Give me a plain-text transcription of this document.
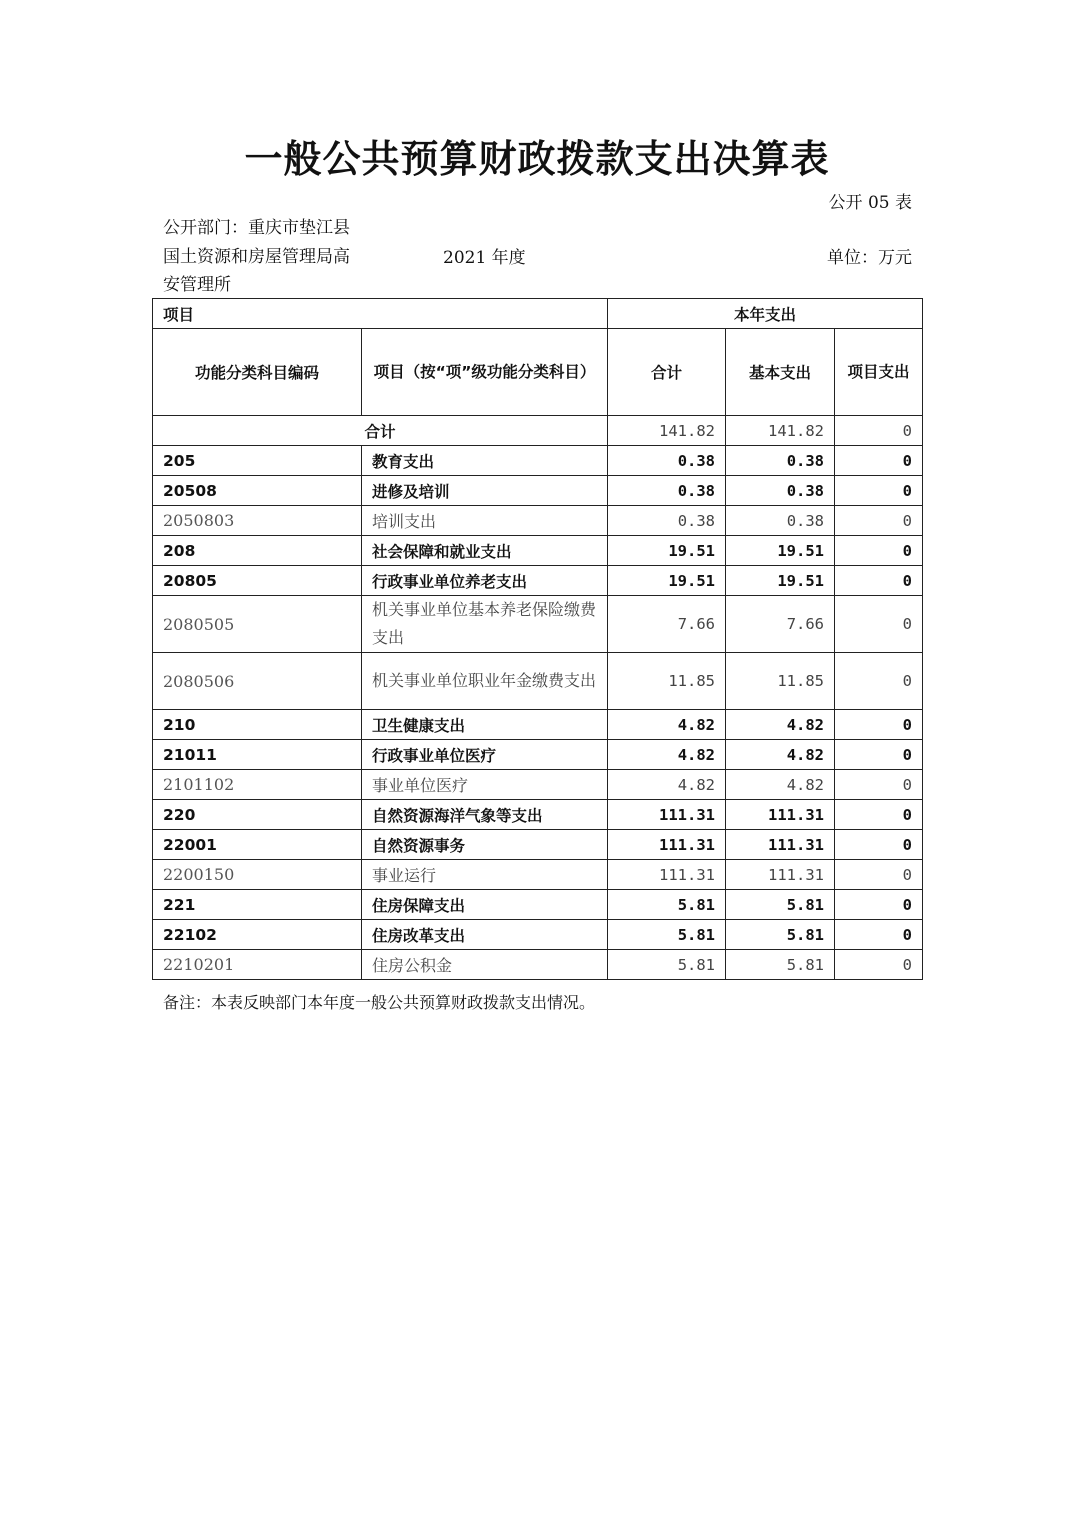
一般公共预算财政拨款支出决算表
公开 05 表
公开部门：重庆市垫江县国土资源和房屋管理局高安管理所
2021 年度	单位：万元
项目		本年支出		
功能分类科目编码	项目（按“项”级功能分类科目）	合计	基本支出	项目支出
合计		141.82	141.82	0
205	教育支出	0.38	0.38	0
20508	进修及培训	0.38	0.38	0
2050803	培训支出	0.38	0.38	0
208	社会保障和就业支出	19.51	19.51	0
20805	行政事业单位养老支出	19.51	19.51	0
2080505	机关事业单位基本养老保险缴费支出	7.66	7.66	0
2080506	机关事业单位职业年金缴费支出	11.85	11.85	0
210	卫生健康支出	4.82	4.82	0
21011	行政事业单位医疗	4.82	4.82	0
2101102	事业单位医疗	4.82	4.82	0
220	自然资源海洋气象等支出	111.31	111.31	0
22001	自然资源事务	111.31	111.31	0
2200150	事业运行	111.31	111.31	0
221	住房保障支出	5.81	5.81	0
22102	住房改革支出	5.81	5.81	0
2210201	住房公积金	5.81	5.81	0
备注：本表反映部门本年度一般公共预算财政拨款支出情况。
